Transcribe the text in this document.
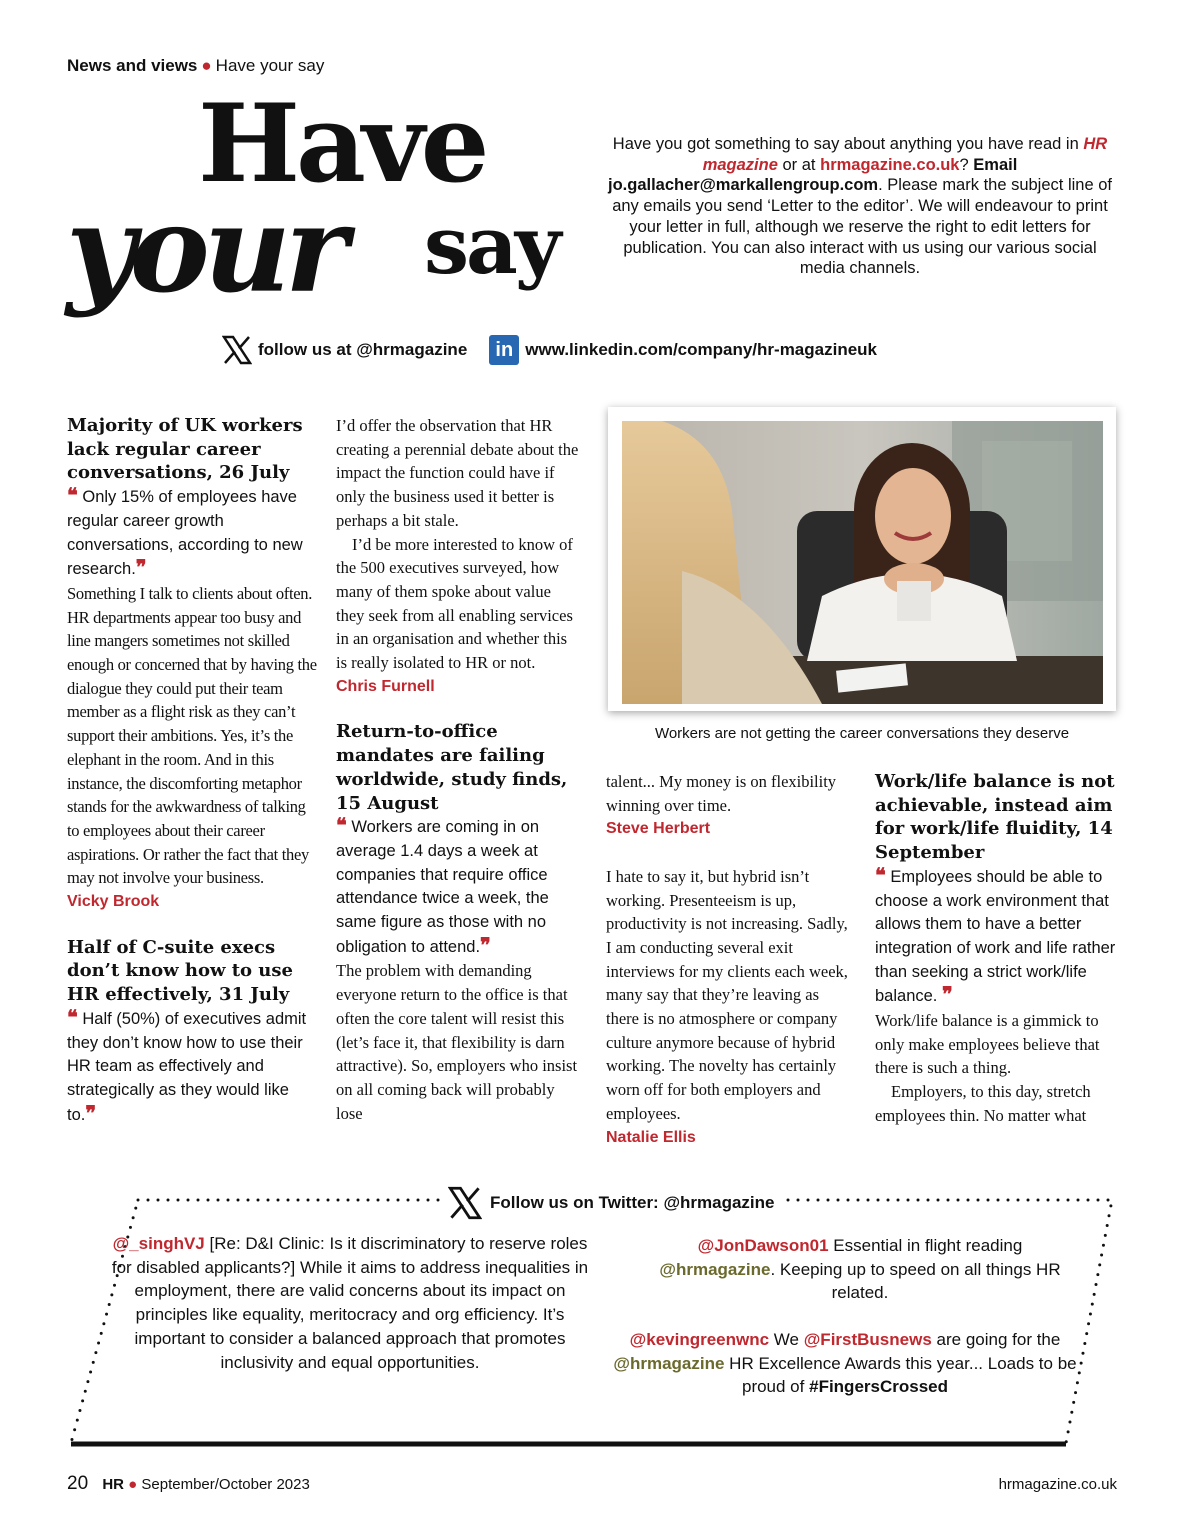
News and views ● Have your say
Have
your say
Have you got something to say about anything you have read in HR magazine or at hrmagazine.co.uk? Email jo.gallacher@markallengroup.com. Please mark the subject line of any emails you send ‘Letter to the editor’. We will endeavour to print your letter in full, although we reserve the right to edit letters for publication. You can also interact with us using our various social media channels.
follow us at @hrmagazine	in www.linkedin.com/company/hr-magazineuk
Majority of UK workers lack regular career conversations, 26 July
❝ Only 15% of employees have regular career growth conversations, according to new research.❞
Something I talk to clients about often. HR departments appear too busy and line mangers sometimes not skilled enough or concerned that by having the dialogue they could put their team member as a flight risk as they can’t support their ambitions. Yes, it’s the elephant in the room. And in this instance, the discomforting metaphor stands for the awkwardness of talking to employees about their career aspirations. Or rather the fact that they may not involve your business.
Vicky Brook
Half of C-suite execs don’t know how to use HR effectively, 31 July
❝ Half (50%) of executives admit they don’t know how to use their HR team as effectively and strategically as they would like to.❞
I’d offer the observation that HR creating a perennial debate about the impact the function could have if only the business used it better is perhaps a bit stale.
I’d be more interested to know of the 500 executives surveyed, how many of them spoke about value they seek from all enabling services in an organisation and whether this is really isolated to HR or not.
Chris Furnell
Return-to-office mandates are failing worldwide, study finds, 15 August
❝ Workers are coming in on average 1.4 days a week at companies that require office attendance twice a week, the same figure as those with no obligation to attend.❞
The problem with demanding everyone return to the office is that often the core talent will resist this (let’s face it, that flexibility is darn attractive). So, employers who insist on all coming back will probably lose
Workers are not getting the career conversations they deserve
talent... My money is on flexibility winning over time.
Steve Herbert
I hate to say it, but hybrid isn’t working. Presenteeism is up, productivity is not increasing. Sadly, I am conducting several exit interviews for my clients each week, many say that they’re leaving as there is no atmosphere or company culture anymore because of hybrid working. The novelty has certainly worn off for both employers and employees.
Natalie Ellis
Work/life balance is not achievable, instead aim for work/life fluidity, 14 September
❝ Employees should be able to choose a work environment that allows them to have a better integration of work and life rather than seeking a strict work/life balance. ❞
Work/life balance is a gimmick to only make employees believe that there is such a thing.
Employers, to this day, stretch employees thin. No matter what
Follow us on Twitter: @hrmagazine
@_singhVJ [Re: D&I Clinic: Is it discriminatory to reserve roles for disabled applicants?] While it aims to address inequalities in employment, there are valid concerns about its impact on principles like equality, meritocracy and org efficiency. It’s important to consider a balanced approach that promotes inclusivity and equal opportunities.
@JonDawson01 Essential in flight reading @hrmagazine. Keeping up to speed on all things HR related.
@kevingreenwnc We @FirstBusnews are going for the @hrmagazine HR Excellence Awards this year... Loads to be proud of #FingersCrossed
20 HR ● September/October 2023	hrmagazine.co.uk
